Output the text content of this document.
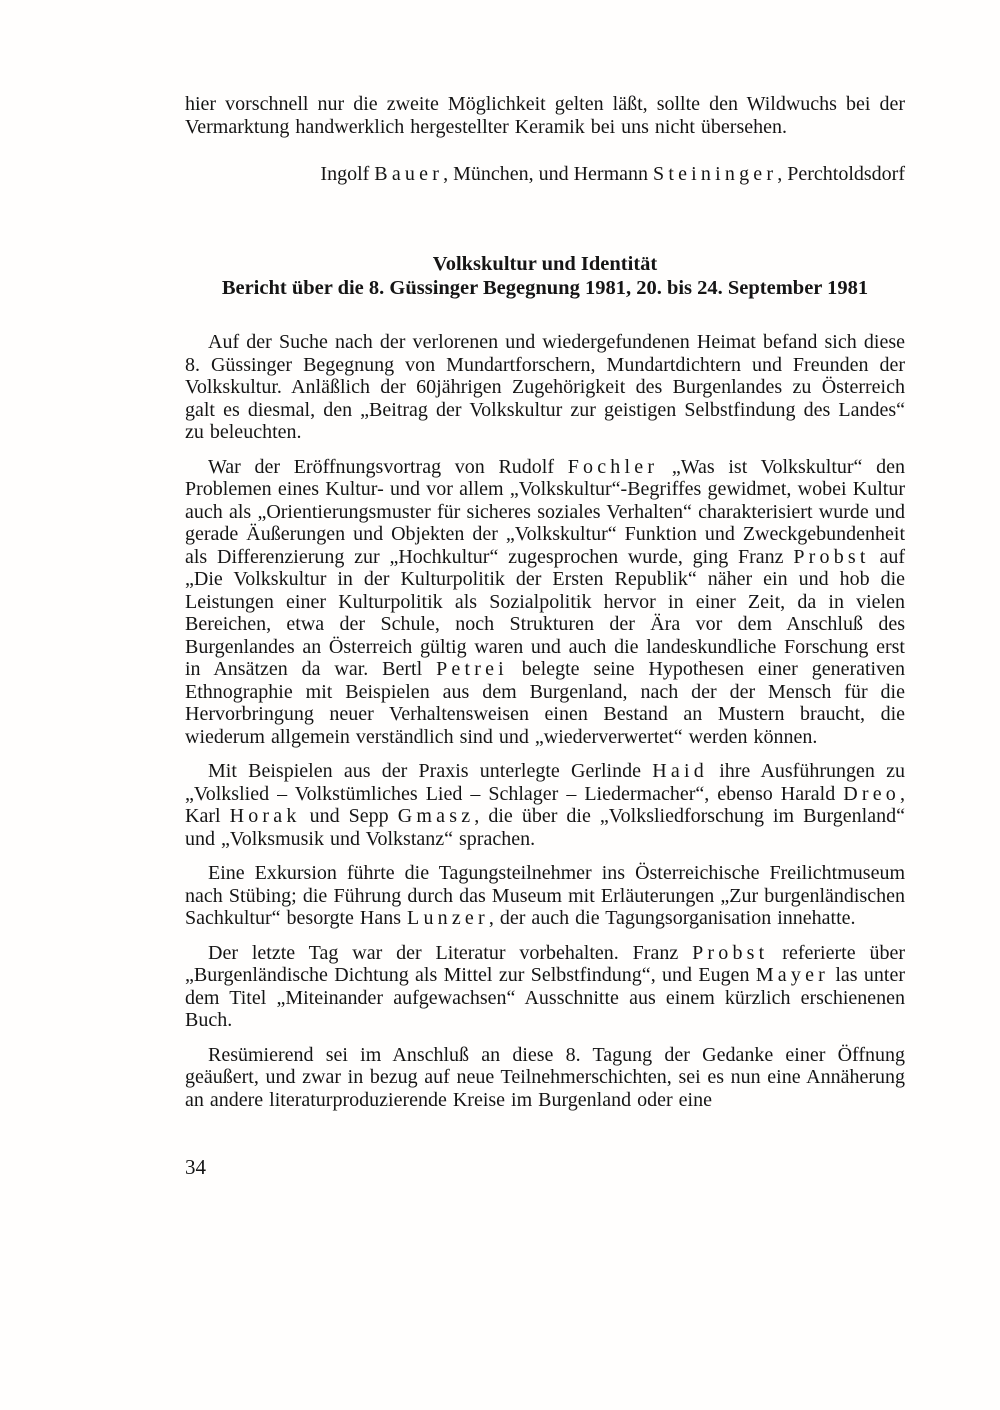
hier vorschnell nur die zweite Möglichkeit gelten läßt, sollte den Wildwuchs bei der Vermarktung handwerklich hergestellter Keramik bei uns nicht übersehen.

Ingolf Bauer, München, und Hermann Steininger, Perchtoldsdorf
Volkskultur und Identität
Bericht über die 8. Güssinger Begegnung 1981, 20. bis 24. September 1981

Auf der Suche nach der verlorenen und wiedergefundenen Heimat befand sich diese 8. Güssinger Begegnung von Mundartforschern, Mundartdichtern und Freunden der Volkskultur. Anläßlich der 60jährigen Zugehörigkeit des Burgenlandes zu Österreich galt es diesmal, den „Beitrag der Volkskultur zur geistigen Selbstfindung des Landes“ zu beleuchten.

War der Eröffnungsvortrag von Rudolf Fochler „Was ist Volkskultur“ den Problemen eines Kultur- und vor allem „Volkskultur“-Begriffes gewidmet, wobei Kultur auch als „Orientierungsmuster für sicheres soziales Verhalten“ charakterisiert wurde und gerade Äußerungen und Objekten der „Volkskultur“ Funktion und Zweckgebundenheit als Differenzierung zur „Hochkultur“ zugesprochen wurde, ging Franz Probst auf „Die Volkskultur in der Kulturpolitik der Ersten Republik“ näher ein und hob die Leistungen einer Kulturpolitik als Sozialpolitik hervor in einer Zeit, da in vielen Bereichen, etwa der Schule, noch Strukturen der Ära vor dem Anschluß des Burgenlandes an Österreich gültig waren und auch die landeskundliche Forschung erst in Ansätzen da war. Bertl Petrei belegte seine Hypothesen einer generativen Ethnographie mit Beispielen aus dem Burgenland, nach der der Mensch für die Hervorbringung neuer Verhaltensweisen einen Bestand an Mustern braucht, die wiederum allgemein verständlich sind und „wiederverwertet“ werden können.

Mit Beispielen aus der Praxis unterlegte Gerlinde Haid ihre Ausführungen zu „Volkslied – Volkstümliches Lied – Schlager – Liedermacher“, ebenso Harald Dreo, Karl Horak und Sepp Gmasz, die über die „Volksliedforschung im Burgenland“ und „Volksmusik und Volkstanz“ sprachen.

Eine Exkursion führte die Tagungsteilnehmer ins Österreichische Freilichtmuseum nach Stübing; die Führung durch das Museum mit Erläuterungen „Zur burgenländischen Sachkultur“ besorgte Hans Lunzer, der auch die Tagungsorganisation innehatte.

Der letzte Tag war der Literatur vorbehalten. Franz Probst referierte über „Burgenländische Dichtung als Mittel zur Selbstfindung“, und Eugen Mayer las unter dem Titel „Miteinander aufgewachsen“ Ausschnitte aus einem kürzlich erschienenen Buch.

Resümierend sei im Anschluß an diese 8. Tagung der Gedanke einer Öffnung geäußert, und zwar in bezug auf neue Teilnehmerschichten, sei es nun eine Annäherung an andere literaturproduzierende Kreise im Burgenland oder eine

34
